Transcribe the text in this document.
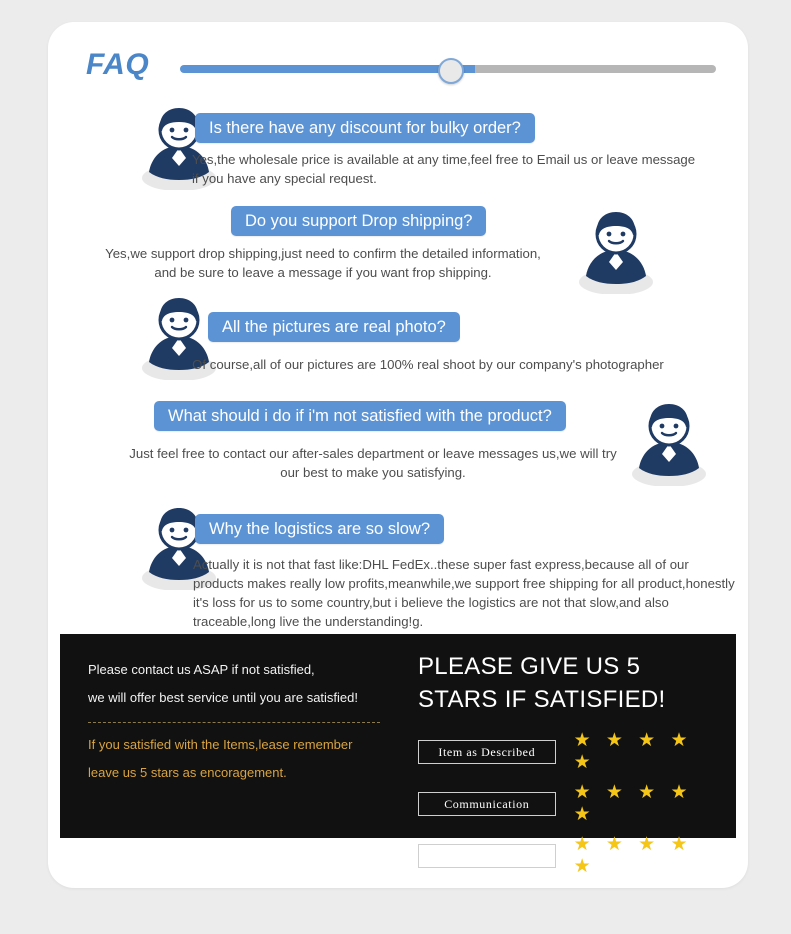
FAQ
Is there have any discount for bulky order?
Yes,the wholesale price is available at any time,feel free to Email us or leave message if you have any special request.
Do you support Drop shipping?
Yes,we support drop shipping,just need to confirm the detailed information, and be sure to leave a message if you want frop shipping.
All the pictures are real photo?
Of course,all of our pictures are 100% real shoot by our company's photographer
What should i do if i'm not satisfied with the product?
Just feel free to contact our after-sales department or leave messages us,we will try our best to make you satisfying.
Why the logistics are so slow?
Actually it is not that fast like:DHL FedEx..these super fast express,because all of our products makes really low profits,meanwhile,we support free shipping for all product,honestly it's loss for us to some country,but i believe the logistics are not that slow,and also traceable,long live the understanding!g.
Please contact us ASAP if not satisfied,
we will offer best service until you are satisfied!
If you satisfied with the Items,lease remember
leave us 5 stars as encoragement.
PLEASE GIVE US 5
STARS IF SATISFIED!
Item as Described
★ ★ ★ ★ ★
Communication
★ ★ ★ ★ ★
Shipping Speed
★ ★ ★ ★ ★
